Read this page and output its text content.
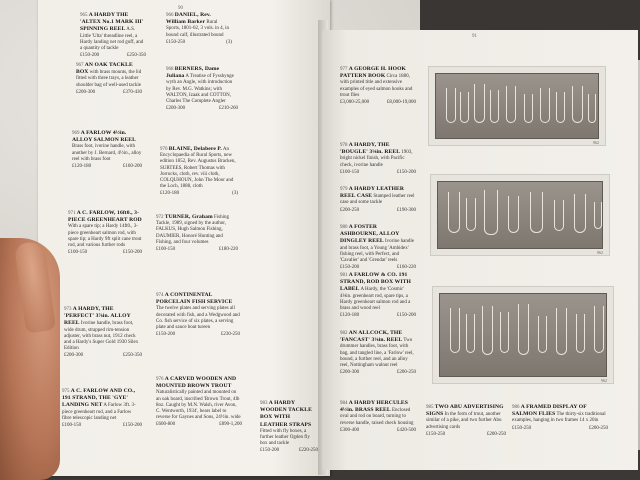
90
91
965 A HARDY THE 'ALTEX No.1 MARK III' SPINNING REEL A.S. Little 'Ulta' threadline reel, a Hardy landing net rod guff, and a quantity of tackle
£250-350
£150-200
967 AN OAK TACKLE BOX with brass mounts, the lid fitted with three trays, a leather shoulder bag of well-used tackle
£370-430
£200-300
969 A FARLOW 4½in. ALLOY SALMON REEL Brass foot, ivorine handle, with another by J. Bernard, 4½in., alloy reel with brass foot
£160-200
£120-180
971 A C. FARLOW, 16ft0., 3-PIECE GREENHEART ROD With a spare tip; a Hardy 14ft0., 3-piece greenheart salmon rod, with spare tip; a Hardy 9ft split cane trout rod, and various further rods
£150-200
£100-150
973 A HARDY, THE 'PERFECT' 3⅞in. ALLOY REEL Ivorine handle, brass foot, wide drum, strapped rim-tension adjuster, with brass nut, 1912 check and a Hardy's Super Gold 1930 Silex Edition
£250-350
£200-300
975 A C. FARLOW AND CO., 191 STRAND, THE 'GYE' LANDING NET A Farlow 3ft. 3-piece greenheart rod, and a Farlow fibre telescopic landing net
£150-200
£100-150
966 DANIEL, Rev. William Barker Rural Sports, 1801-02, 3 vols. in 4, in bound calf, illustrated bound
(3)
£150-250
968 BERNERS, Dame Juliana A Treatise of Fysshynge wyth an Angle, with introduction by Rev. M.G. Watkins; with WALTON, Izaak and COTTON, Charles The Complete Angler
£210-260
£200-300
970 BLAINE, Delabere P. An Encyclopaedia of Rural Sports, new edition 1852, Rev. Augustus Bracken, SURTEES, Robert Thomas with Jorrocks, cloth, rev. viii cloth, COLQUHOUN, John The Moor and the Loch, 1888, cloth
(3)
£120-180
972 TURNER, Graham Fishing Tackle, 1989, signed by the author, FALKUS, Hugh Salmon Fishing, DAUMIER, Honoré Hunting and Fishing, and four volumes
£180-220
£100-150
974 A CONTINENTAL PORCELAIN FISH SERVICE The twelve plates and serving plates all decorated with fish, and a Wedgwood and Co. fish service of six plates, a serving plate and sauce boat tureen
£230-250
£150-200
976 A CARVED WOODEN AND MOUNTED BROWN TROUT Naturalistically painted and mounted on an oak board, inscribed 'Brown Trout, 4lb 8oz. Caught by M.N. Walsh, river Avon, C. Wentworth, 1934', bears label to reverse for Gaynes and Sons, 24½in. wide
£890-1,200
£600-800
977 A GEORGE H. HOOK PATTERN BOOK Circa 1880, with printed title and extensive examples of eyed salmon hooks and trout flies
£8,000-19,000
£3,000-25,000
978 A HARDY, THE 'BOUGLE' 3⅛in. REEL 1903, bright nickel finish, with Pacific check, ivorine handle
£150-200
£100-150
979 A HARDY LEATHER REEL CASE Stamped leather reel case and some tackle
£190-300
£200-250
980 A FOSTER ASHBOURNE, ALLOY DINGLEY REEL Ivorine handle and brass foot, a Young 'Ambidex' fishing reel, with Perfect, and 'Cavalier' and 'Grendar' reels
£160-220
£150-200
981 A FARLOW & CO. 191 STRAND, ROD BOX WITH LABEL A Hardy, the 'Cosmic' 4⅛in. greenheart rod, spare tips, a Hardy greenheart salmon rod and a brass and wood reel
£150-200
£120-180
982 AN ALLCOCK, THE 'FANCAST' 3⅛in. REEL Two drummer handles, brass foot, with bag, and tangled line, a 'Farlow' reel, bound, a further reel, and an alloy reel, Nottingham walnut reel
£200-250
£200-300
983 A HARDY WOODEN TACKLE BOX WITH LEATHER STRAPS Fitted with fly boxes, a further leather Ogden fly box and tackle
£220-250
£150-200
984 A HARDY HERCULES 4½in. BRASS REEL Enclosed oval and rod on board, turning to reverse handle, raised check housing
£420-500
£300-400
985 TWO ABU ADVERTISING SIGNS In the form of trout, another similar of a pike, and two further Abu advertising cards
£200-250
£150-250
986 A FRAMED DISPLAY OF SALMON FLIES The thirty-six traditional examples, hanging in two frames 14 x 20in
£200-250
£150-250
962
962
962
